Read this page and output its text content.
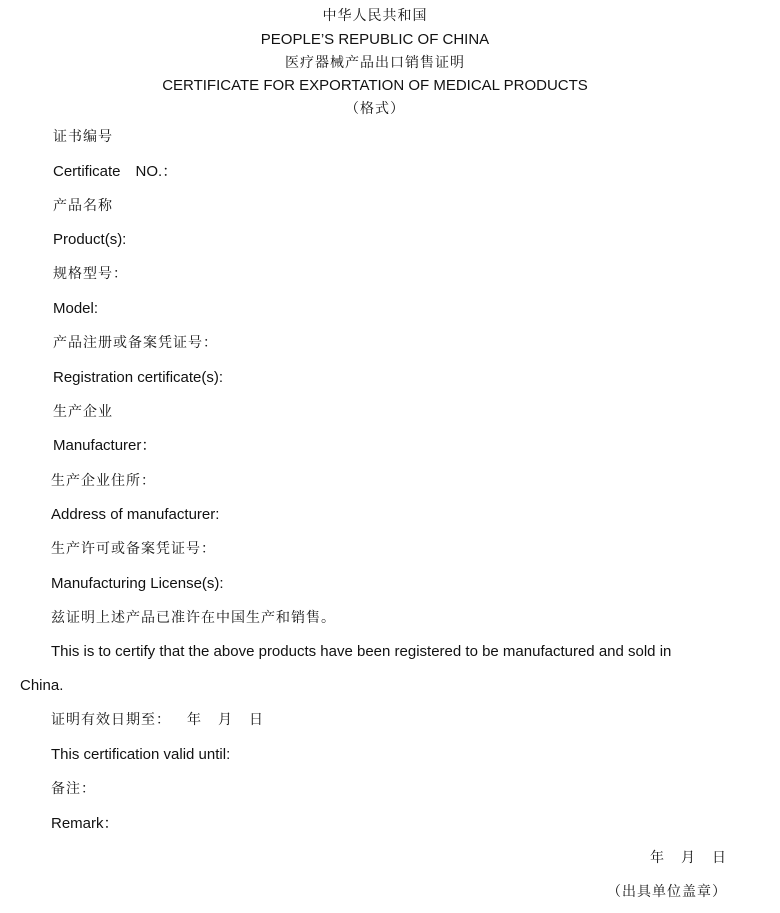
中华人民共和国
PEOPLE’S REPUBLIC OF CHINA
医疗器械产品出口销售证明
CERTIFICATE FOR EXPORTATION OF MEDICAL PRODUCTS
（格式）
证书编号
Certificate　NO.：
产品名称
Product(s):
规格型号：
Model:
产品注册或备案凭证号：
Registration certificate(s):
生产企业
Manufacturer：
生产企业住所：
Address of manufacturer:
生产许可或备案凭证号：
Manufacturing License(s):
兹证明上述产品已准许在中国生产和销售。
This is to certify that the above products have been registered to be manufactured and sold in
China.
证明有效日期至： 年 月 日
This certification valid until:
备注：
Remark：
年 月 日
（出具单位盖章）
